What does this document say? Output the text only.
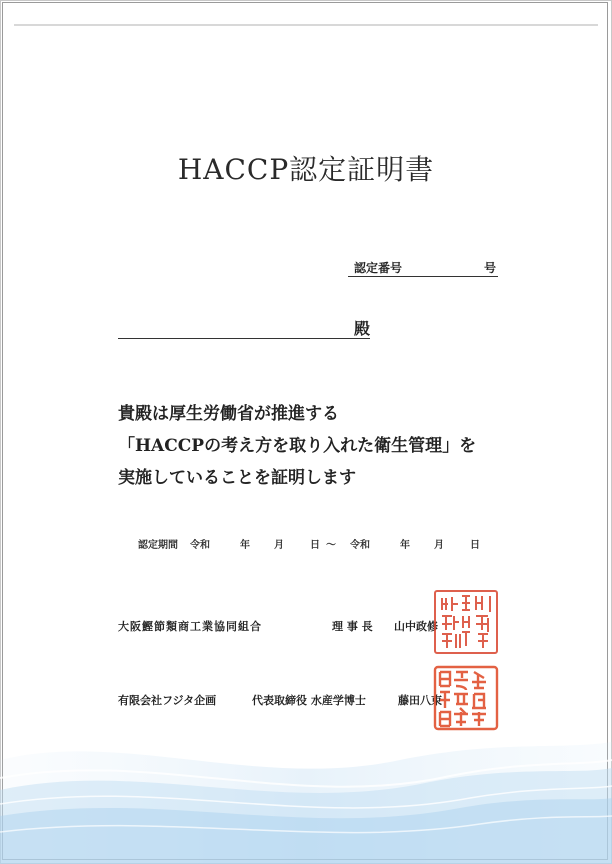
HACCP認定証明書
認定番号	号
殿
貴殿は厚生労働省が推進する
「HACCPの考え方を取り入れた衛生管理」を
実施していることを証明します
認定期間 令和	年 月	日 〜 令和	年 月	日
大阪鰹節類商工業協同組合	理 事 長 山中政修
有限会社フジタ企画	代表取締役 水産学博士	藤田八束
